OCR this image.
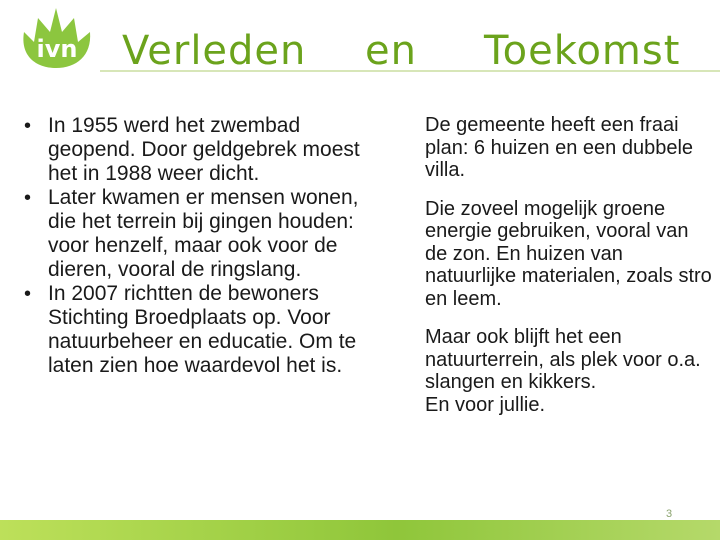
ivn Verleden en Toekomst
• In 1955 werd het zwembad geopend. Door geldgebrek moest het in 1988 weer dicht.
• Later kwamen er mensen wonen, die het terrein bij gingen houden: voor henzelf, maar ook voor de dieren, vooral de ringslang.
• In 2007 richtten de bewoners Stichting Broedplaats op. Voor natuurbeheer en educatie. Om te laten zien hoe waardevol het is.

De gemeente heeft een fraai plan: 6 huizen en een dubbele villa.

Die zoveel mogelijk groene energie gebruiken, vooral van de zon. En huizen van natuurlijke materialen, zoals stro en leem.

Maar ook blijft het een natuurterrein, als plek voor o.a. slangen en kikkers.

En voor jullie.

3
